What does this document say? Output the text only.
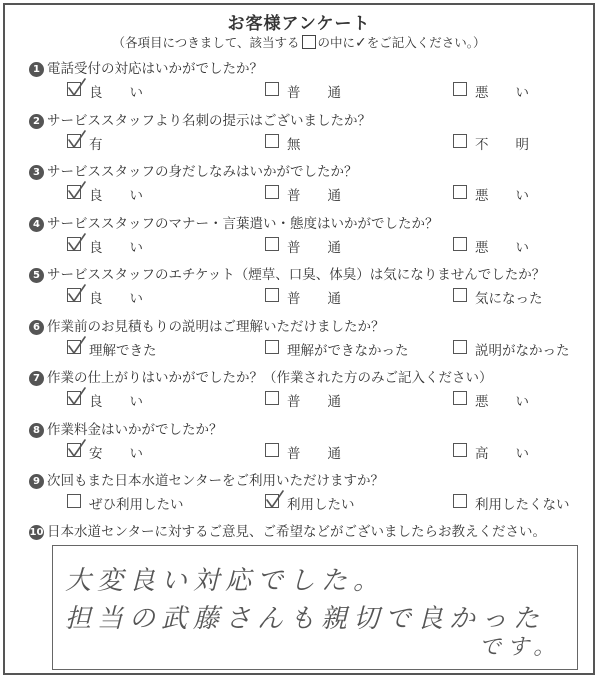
お客様アンケート
（各項目につきまして、該当する の中に✓をご記入ください。）
1 電話受付の対応はいかがでしたか？
良　　い	普　　通	悪　　い
2 サービススタッフより名刺の提示はございましたか？
有	無	不　　明
3 サービススタッフの身だしなみはいかがでしたか？
良　　い	普　　通	悪　　い
4 サービススタッフのマナー・言葉遣い・態度はいかがでしたか？
良　　い	普　　通	悪　　い
5 サービススタッフのエチケット（煙草、口臭、体臭）は気になりませんでしたか？
良　　い	普　　通	気になった
6 作業前のお見積もりの説明はご理解いただけましたか？
理解できた	理解ができなかった	説明がなかった
7 作業の仕上がりはいかがでしたか？（作業された方のみご記入ください）
良　　い	普　　通	悪　　い
8 作業料金はいかがでしたか？
安　　い	普　　通	高　　い
9 次回もまた日本水道センターをご利用いただけますか？
ぜひ利用したい	利用したい	利用したくない
10 日本水道センターに対するご意見、ご希望などがございましたらお教えください。
大変良い対応でした。
担当の武藤さんも親切で良かった
です。
